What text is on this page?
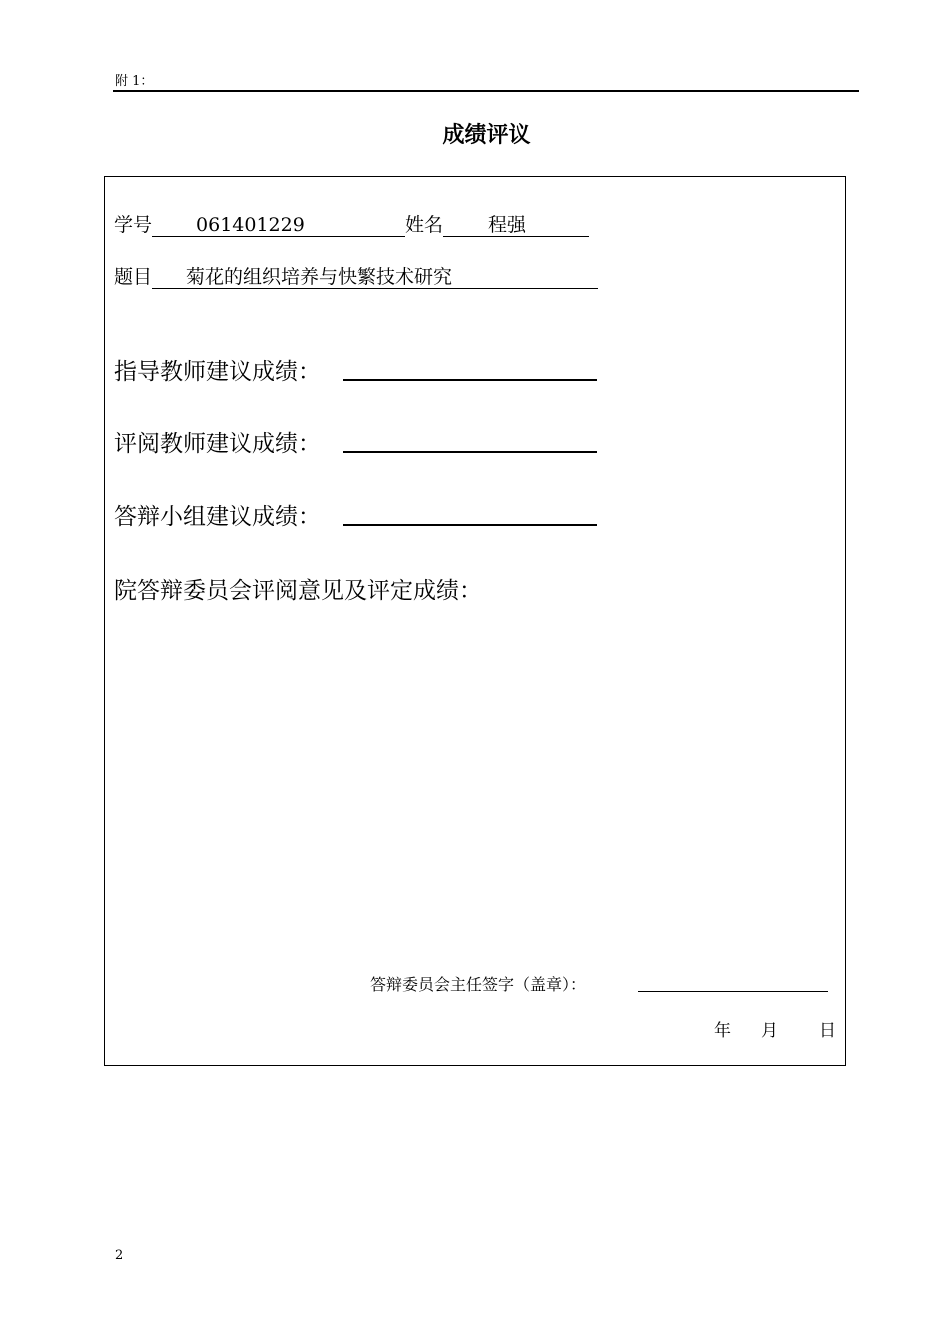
附 1：
成绩评议
学号 061401229	姓名 程强
题目 菊花的组织培养与快繁技术研究
指导教师建议成绩：
评阅教师建议成绩：
答辩小组建议成绩：
院答辩委员会评阅意见及评定成绩：
答辩委员会主任签字（盖章）：
年 月 日
2
